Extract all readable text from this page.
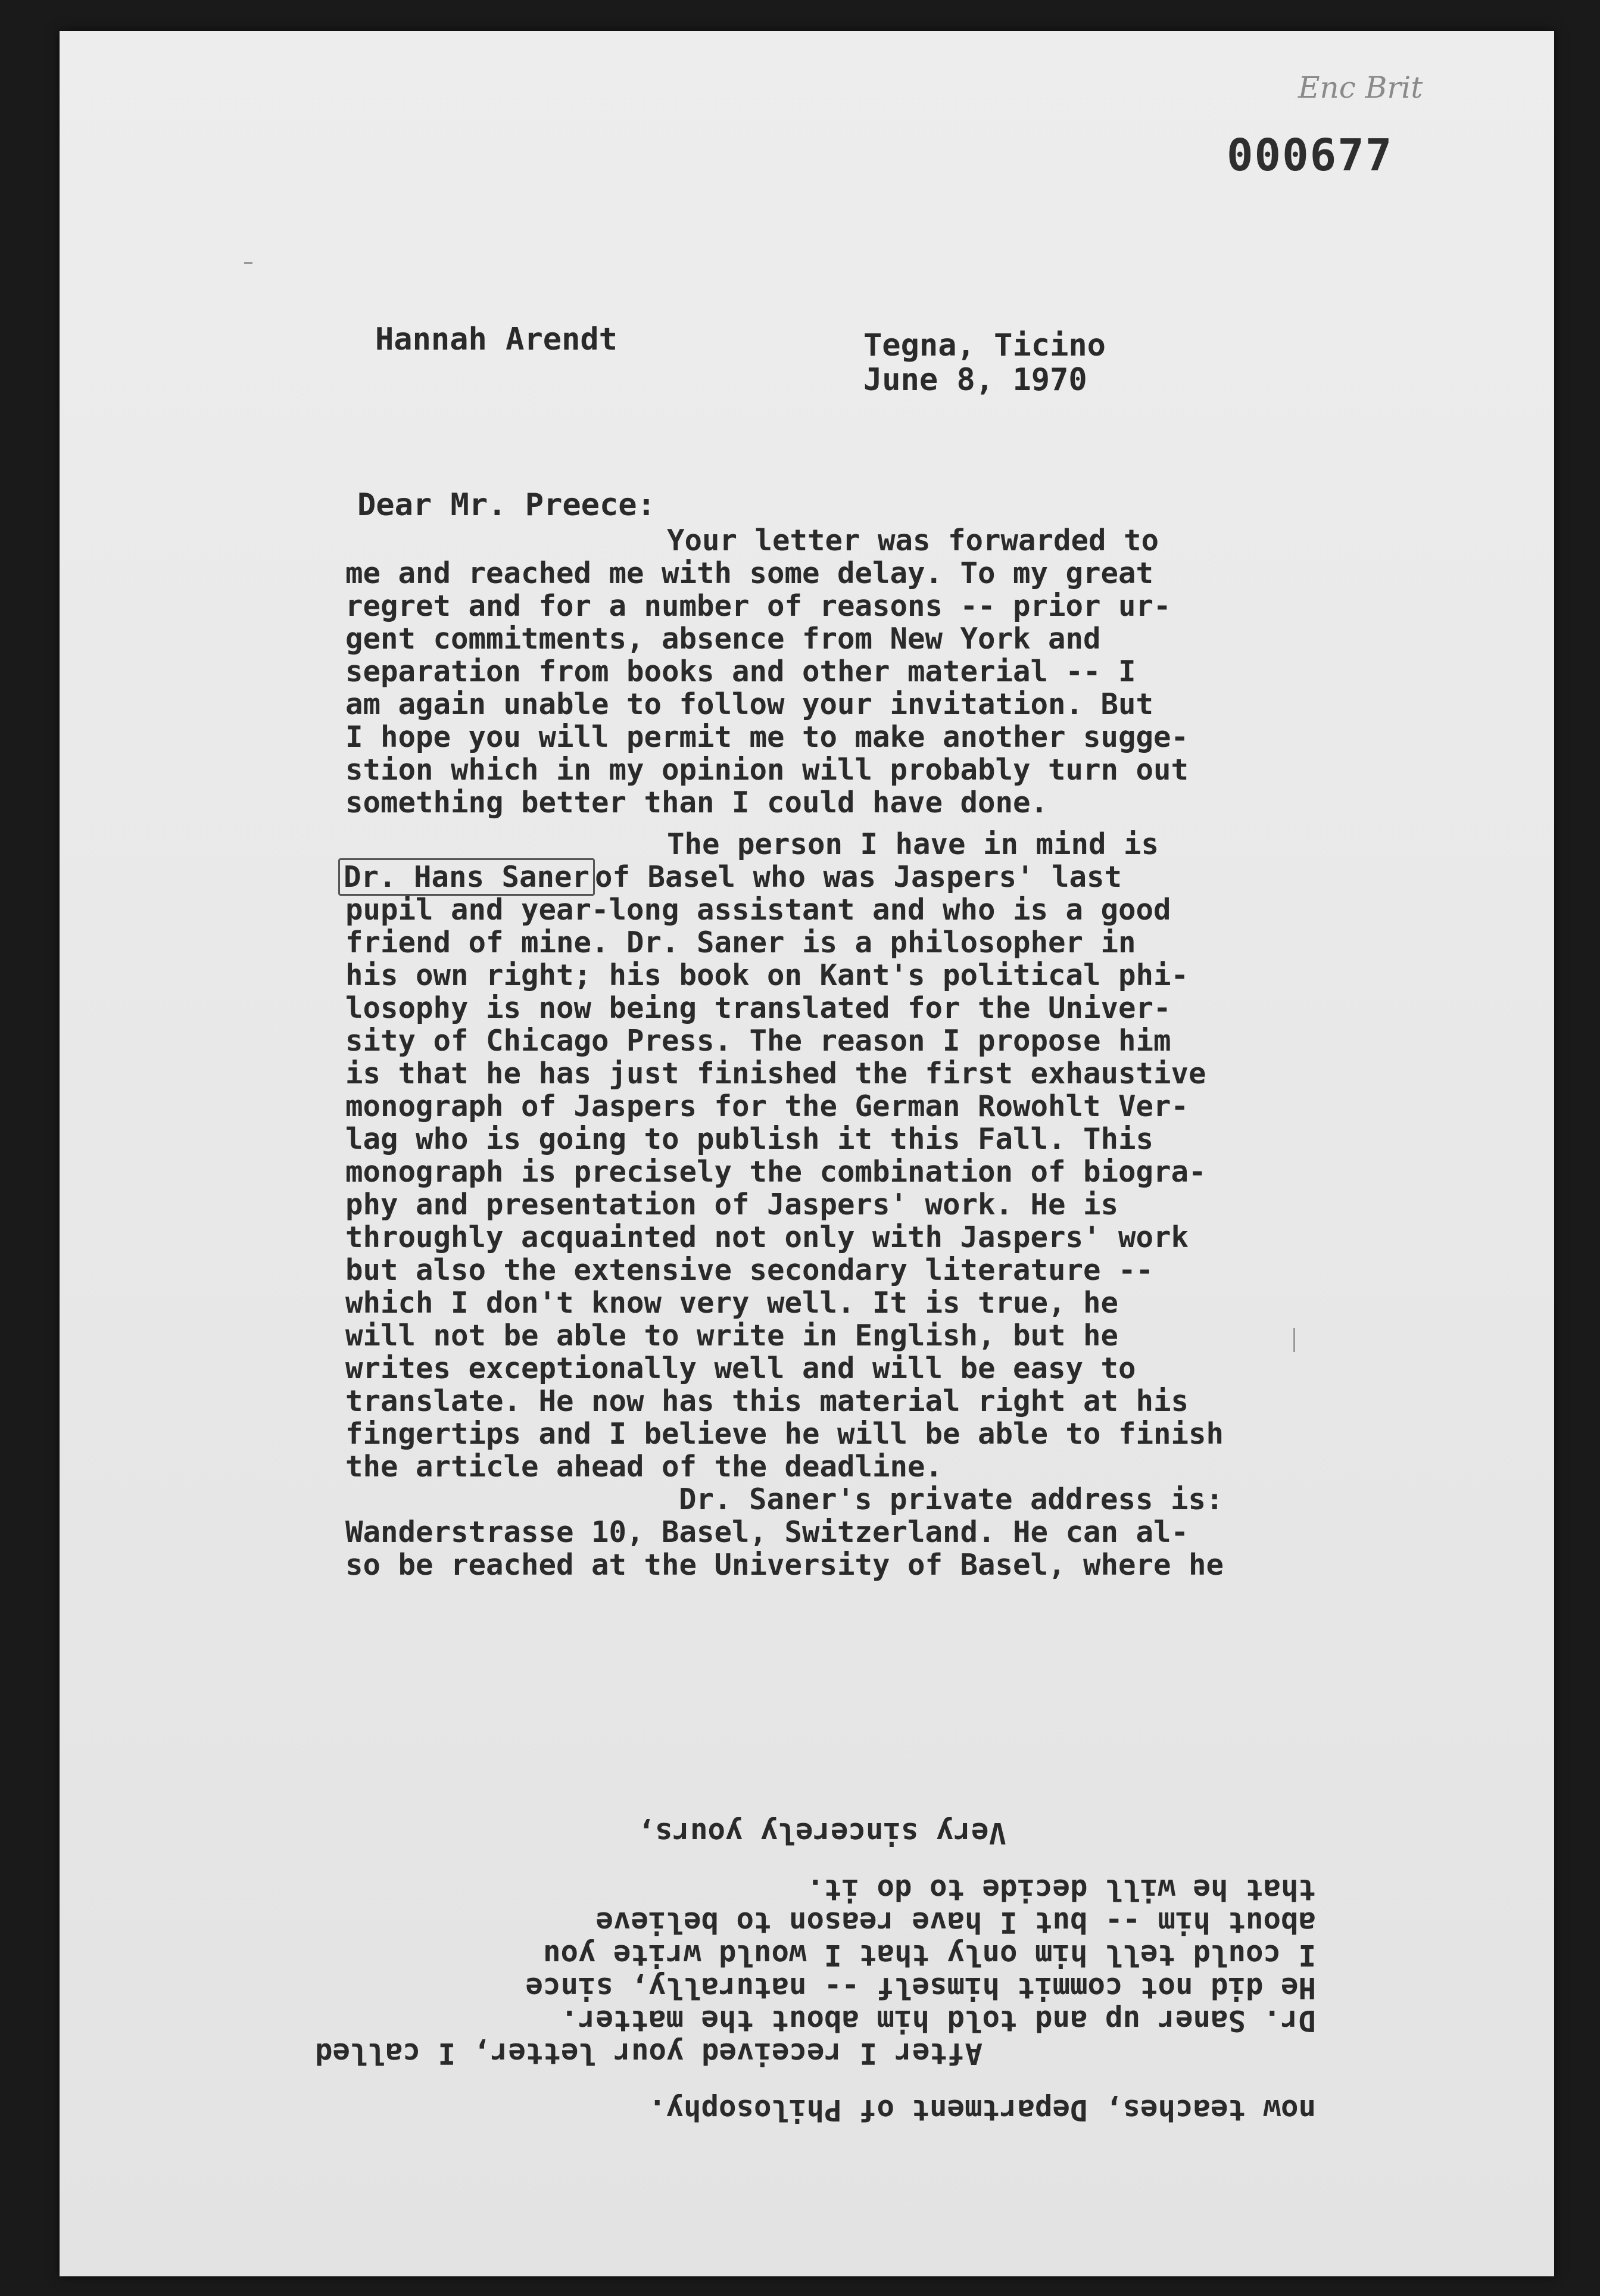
Enc Brit
000677
Hannah Arendt	Tegna, Ticino
June 8, 1970
Dear Mr. Preece:
Your letter was forwarded to
me and reached me with some delay. To my great
regret and for a number of reasons -- prior ur-
gent commitments, absence from New York and
separation from books and other material -- I
am again unable to follow your invitation. But
I hope you will permit me to make another sugge-
stion which in my opinion will probably turn out
something better than I could have done.
The person I have in mind is
Dr. Hans Saner of Basel who was Jaspers' last
pupil and year-long assistant and who is a good
friend of mine. Dr. Saner is a philosopher in
his own right; his book on Kant's political phi-
losophy is now being translated for the Univer-
sity of Chicago Press. The reason I propose him
is that he has just finished the first exhaustive
monograph of Jaspers for the German Rowohlt Ver-
lag who is going to publish it this Fall. This
monograph is precisely the combination of biogra-
phy and presentation of Jaspers' work. He is
throughly acquainted not only with Jaspers' work
but also the extensive secondary literature --
which I don't know very well. It is true, he
will not be able to write in English, but he
writes exceptionally well and will be easy to
translate. He now has this material right at his
fingertips and I believe he will be able to finish
the article ahead of the deadline.
Dr. Saner's private address is:
Wanderstrasse 10, Basel, Switzerland. He can al-
so be reached at the University of Basel, where he
now teaches, Department of Philosophy.
After I received your letter, I called
Dr. Saner up and told him about the matter.
He did not commit himself -- naturally, since
I could tell him only that I would write you
about him -- but I have reason to believe
that he will decide to do it.
Very sincerely yours,
